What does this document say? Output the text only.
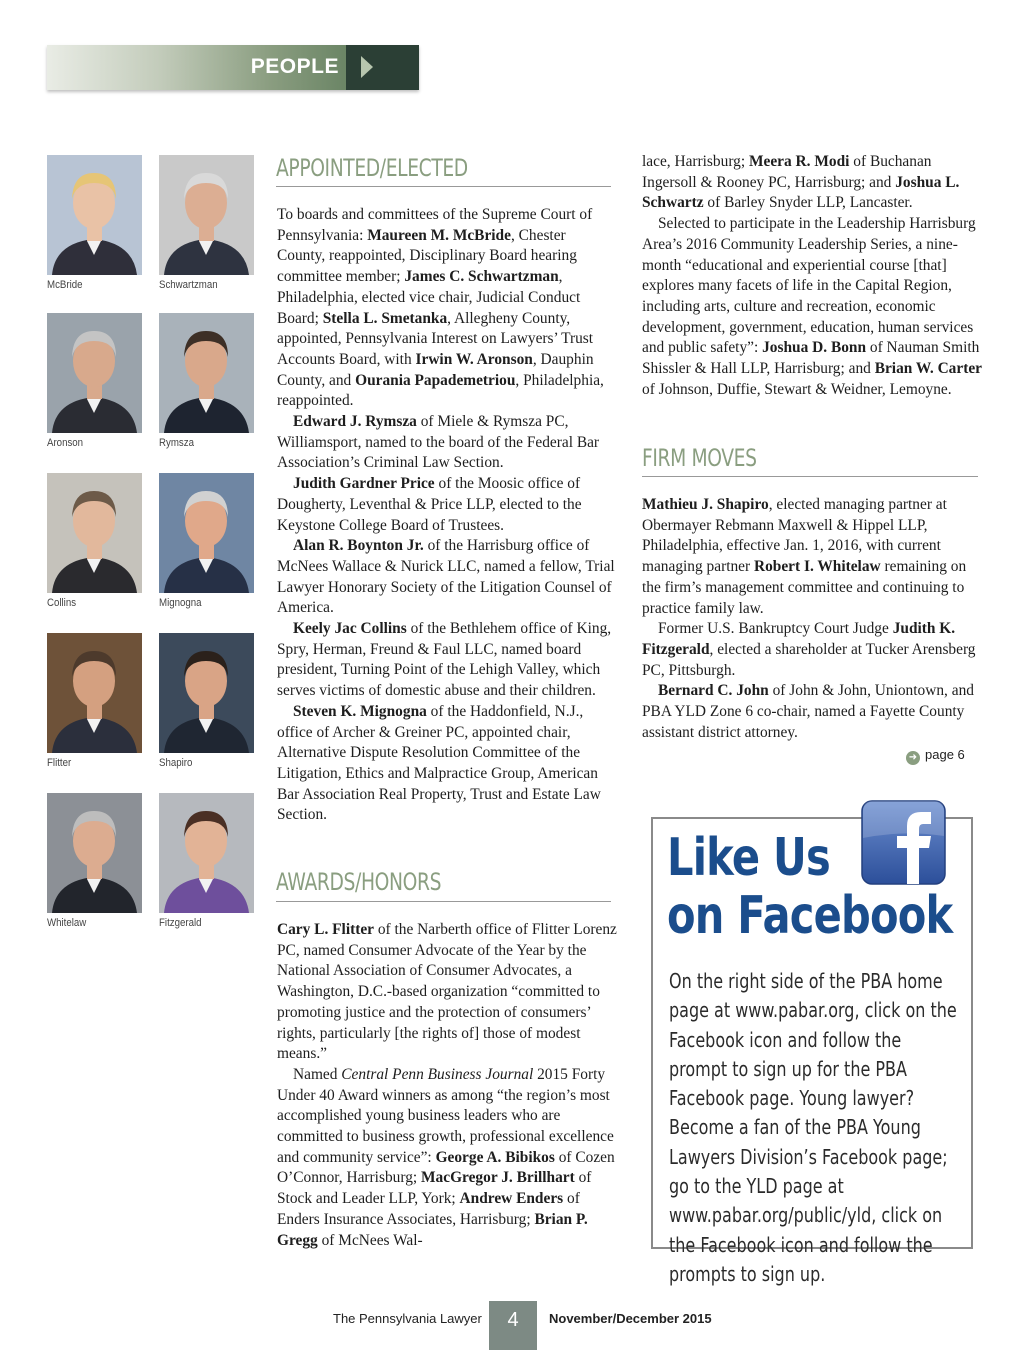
PEOPLE
McBride	Schwartzman
Aronson	Rymsza
Collins	Mignogna
Flitter	Shapiro
Whitelaw	Fitzgerald
APPOINTED/ELECTED

To boards and committees of the Supreme Court of Pennsylvania: Maureen M. McBride, Chester County, reappointed, Disciplinary Board hearing committee member; James C. Schwartzman, Philadelphia, elected vice chair, Judicial Conduct Board; Stella L. Smetanka, Allegheny County, appointed, Pennsylvania Interest on Lawyers’ Trust Accounts Board, with Irwin W. Aronson, Dauphin County, and Ourania Papademetriou, Philadelphia, reappointed.

Edward J. Rymsza of Miele & Rymsza PC, Williamsport, named to the board of the Federal Bar Association’s Criminal Law Section.

Judith Gardner Price of the Moosic office of Dougherty, Leventhal & Price LLP, elected to the Keystone College Board of Trustees.

Alan R. Boynton Jr. of the Harrisburg office of McNees Wallace & Nurick LLC, named a fellow, Trial Lawyer Honorary Society of the Litigation Counsel of America.

Keely Jac Collins of the Bethlehem office of King, Spry, Herman, Freund & Faul LLC, named board president, Turning Point of the Lehigh Valley, which serves victims of domestic abuse and their children.

Steven K. Mignogna of the Haddonfield, N.J., office of Archer & Greiner PC, appointed chair, Alternative Dispute Resolution Committee of the Litigation, Ethics and Malpractice Group, American Bar Association Real Property, Trust and Estate Law Section.

AWARDS/HONORS

Cary L. Flitter of the Narberth office of Flitter Lorenz PC, named Consumer Advocate of the Year by the National Association of Consumer Advocates, a Washington, D.C.-based organization “committed to promoting justice and the protection of consumers’ rights, particularly [the rights of] those of modest means.”

Named Central Penn Business Journal 2015 Forty Under 40 Award winners as among “the region’s most accomplished young business leaders who are committed to business growth, professional excellence and community service”: George A. Bibikos of Cozen O’Connor, Harrisburg; MacGregor J. Brillhart of Stock and Leader LLP, York; Andrew Enders of Enders Insurance Associates, Harrisburg; Brian P. Gregg of McNees Wal-

lace, Harrisburg; Meera R. Modi of Buchanan Ingersoll & Rooney PC, Harrisburg; and Joshua L. Schwartz of Barley Snyder LLP, Lancaster.

Selected to participate in the Leadership Harrisburg Area’s 2016 Community Leadership Series, a nine-month “educational and experiential course [that] explores many facets of life in the Capital Region, including arts, culture and recreation, economic development, government, education, human services and public safety”: Joshua D. Bonn of Nauman Smith Shissler & Hall LLP, Harrisburg; and Brian W. Carter of Johnson, Duffie, Stewart & Weidner, Lemoyne.

FIRM MOVES

Mathieu J. Shapiro, elected managing partner at Obermayer Rebmann Maxwell & Hippel LLP, Philadelphia, effective Jan. 1, 2016, with current managing partner Robert I. Whitelaw remaining on the firm’s management committee and continuing to practice family law.

Former U.S. Bankruptcy Court Judge Judith K. Fitzgerald, elected a shareholder at Tucker Arensberg PC, Pittsburgh.

Bernard C. John of John & John, Uniontown, and PBA YLD Zone 6 co-chair, named a Fayette County assistant district attorney.

➜ page 6
Like Us
on Facebook
On the right side of the PBA home page at www.pabar.org, click on the Facebook icon and follow the prompt to sign up for the PBA Facebook page. Young lawyer? Become a fan of the PBA Young Lawyers Division’s Facebook page; go to the YLD page at www.pabar.org/public/yld, click on the Facebook icon and follow the prompts to sign up.
The Pennsylvania Lawyer	4	November/December 2015
